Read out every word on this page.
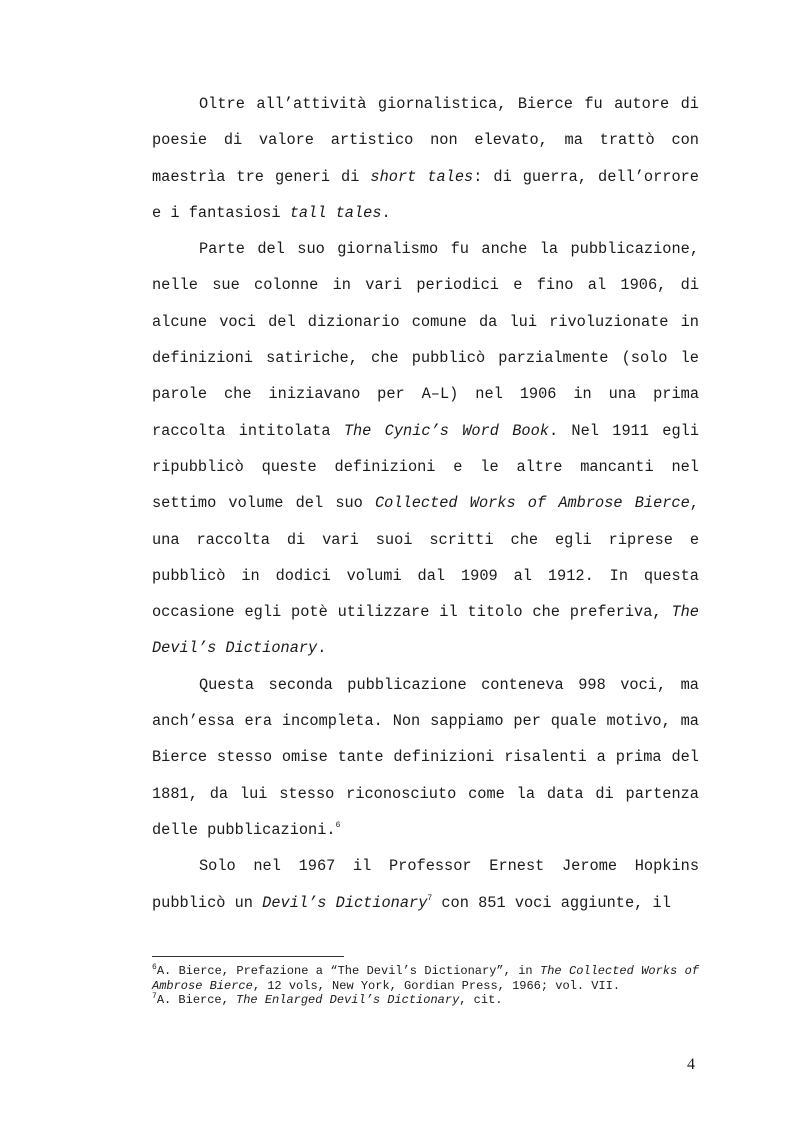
Oltre all’attività giornalistica, Bierce fu autore di poesie di valore artistico non elevato, ma trattò con maestrìa tre generi di short tales: di guerra, dell’orrore e i fantasiosi tall tales.

Parte del suo giornalismo fu anche la pubblicazione, nelle sue colonne in vari periodici e fino al 1906, di alcune voci del dizionario comune da lui rivoluzionate in definizioni satiriche, che pubblicò parzialmente (solo le parole che iniziavano per A–L) nel 1906 in una prima raccolta intitolata The Cynic’s Word Book. Nel 1911 egli ripubblicò queste definizioni e le altre mancanti nel settimo volume del suo Collected Works of Ambrose Bierce, una raccolta di vari suoi scritti che egli riprese e pubblicò in dodici volumi dal 1909 al 1912. In questa occasione egli potè utilizzare il titolo che preferiva, The Devil’s Dictionary.

Questa seconda pubblicazione conteneva 998 voci, ma anch’essa era incompleta. Non sappiamo per quale motivo, ma Bierce stesso omise tante definizioni risalenti a prima del 1881, da lui stesso riconosciuto come la data di partenza delle pubblicazioni.$^6$

Solo nel 1967 il Professor Ernest Jerome Hopkins pubblicò un Devil’s Dictionary$^7$ con 851 voci aggiunte, il

$^6$A. Bierce, Prefazione a “The Devil’s Dictionary”, in The Collected Works of Ambrose Bierce, 12 vols, New York, Gordian Press, 1966; vol. VII.

$^7$A. Bierce, The Enlarged Devil’s Dictionary, cit.

4
